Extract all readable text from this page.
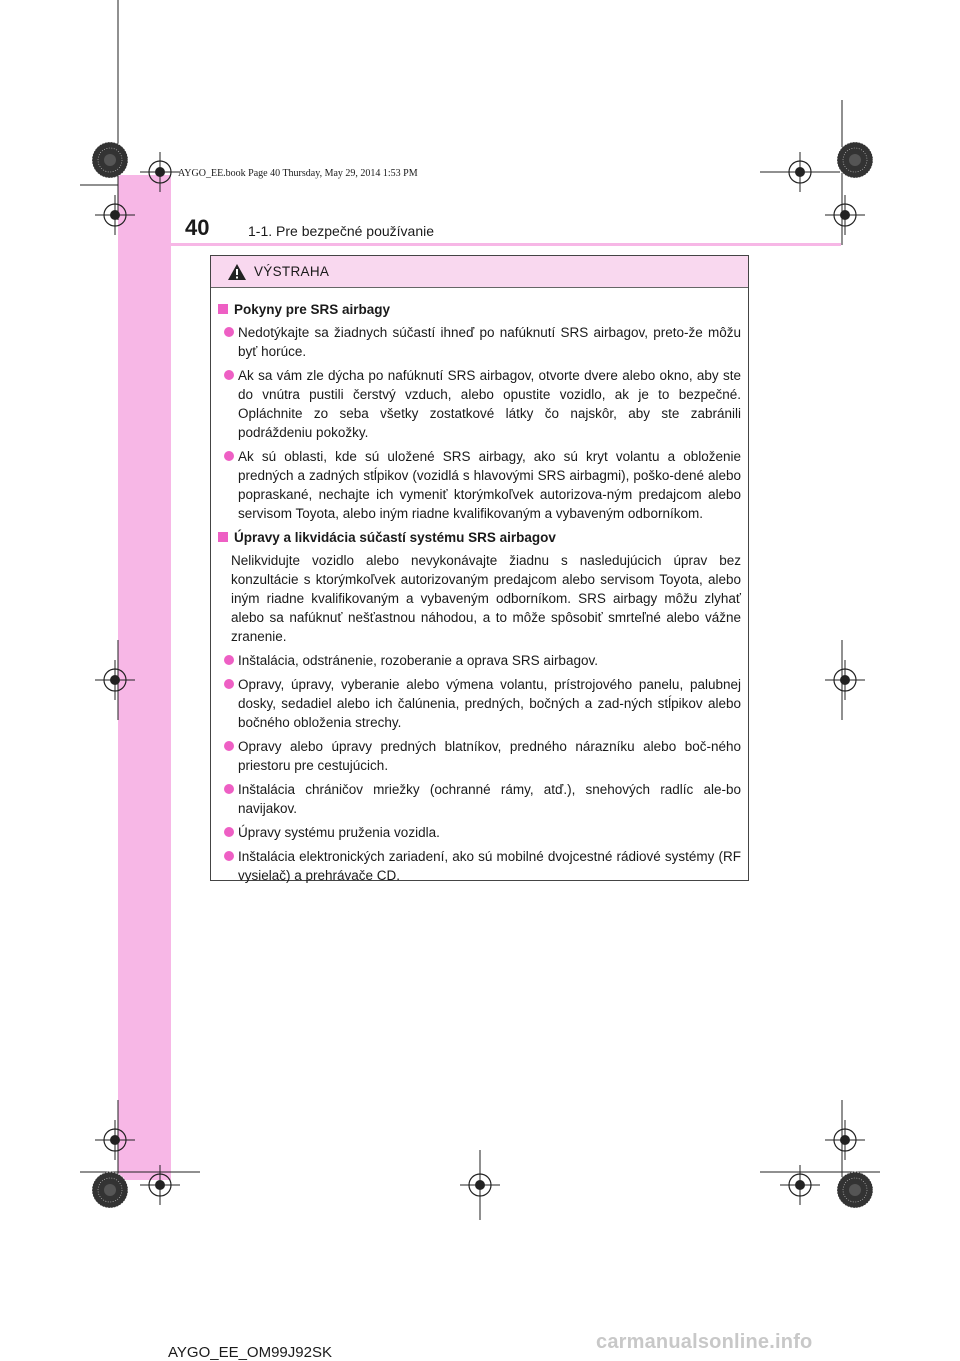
AYGO_EE.book Page 40 Thursday, May 29, 2014 1:53 PM
40	1-1. Pre bezpečné používanie
VÝSTRAHA
Pokyny pre SRS airbagy
Nedotýkajte sa žiadnych súčastí ihneď po nafúknutí SRS airbagov, preto-že môžu byť horúce.
Ak sa vám zle dýcha po nafúknutí SRS airbagov, otvorte dvere alebo okno, aby ste do vnútra pustili čerstvý vzduch, alebo opustite vozidlo, ak je to bezpečné. Opláchnite zo seba všetky zostatkové látky čo najskôr, aby ste zabránili podráždeniu pokožky.
Ak sú oblasti, kde sú uložené SRS airbagy, ako sú kryt volantu a obloženie predných a zadných stĺpikov (vozidlá s hlavovými SRS airbagmi), poško-dené alebo popraskané, nechajte ich vymeniť ktorýmkoľvek autorizova-ným predajcom alebo servisom Toyota, alebo iným riadne kvalifikovaným a vybaveným odborníkom.
Úpravy a likvidácia súčastí systému SRS airbagov
Nelikvidujte vozidlo alebo nevykonávajte žiadnu s nasledujúcich úprav bez konzultácie s ktorýmkoľvek autorizovaným predajcom alebo servisom Toyota, alebo iným riadne kvalifikovaným a vybaveným odborníkom. SRS airbagy môžu zlyhať alebo sa nafúknuť nešťastnou náhodou, a to môže spôsobiť smrteľné alebo vážne zranenie.
Inštalácia, odstránenie, rozoberanie a oprava SRS airbagov.
Opravy, úpravy, vyberanie alebo výmena volantu, prístrojového panelu, palubnej dosky, sedadiel alebo ich čalúnenia, predných, bočných a zad-ných stĺpikov alebo bočného obloženia strechy.
Opravy alebo úpravy predných blatníkov, predného nárazníku alebo boč-ného priestoru pre cestujúcich.
Inštalácia chráničov mriežky (ochranné rámy, atď.), snehových radlíc ale-bo navijakov.
Úpravy systému pruženia vozidla.
Inštalácia elektronických zariadení, ako sú mobilné dvojcestné rádiové systémy (RF vysielač) a prehrávače CD.
AYGO_EE_OM99J92SK	carmanualsonline.info
